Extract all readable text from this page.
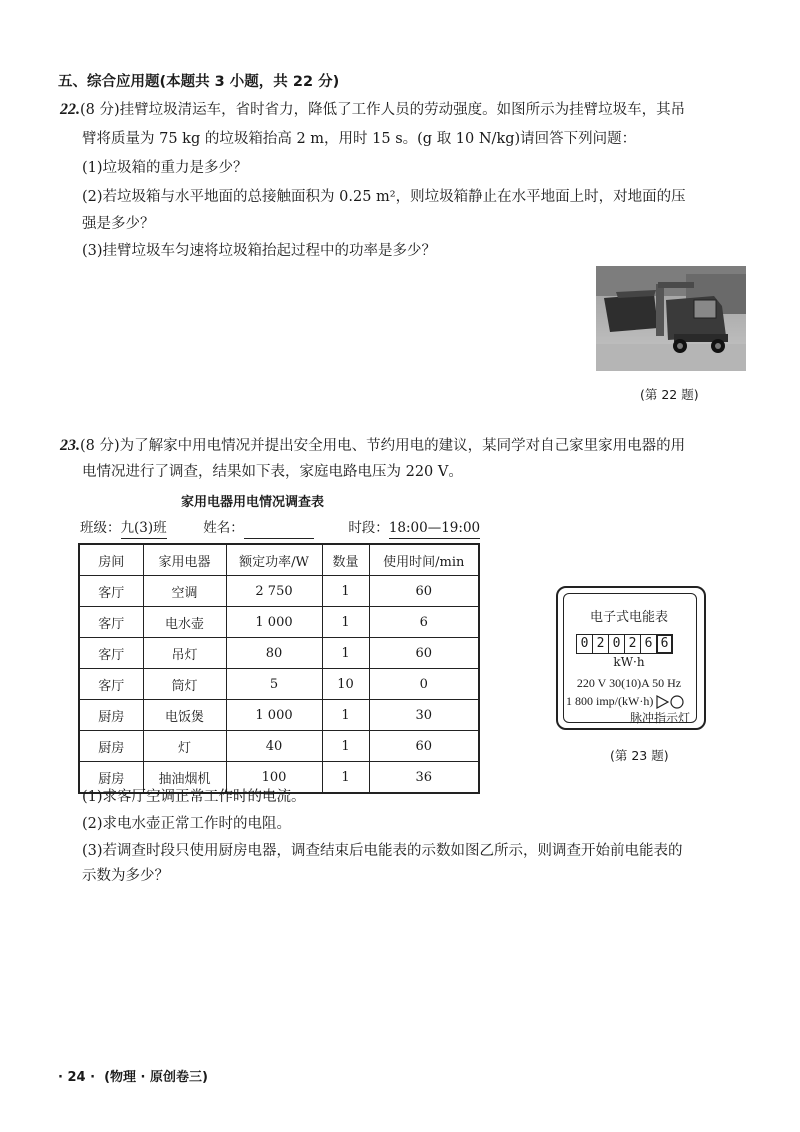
五、综合应用题(本题共 3 小题，共 22 分)
22.(8 分)挂臂垃圾清运车，省时省力，降低了工作人员的劳动强度。如图所示为挂臂垃圾车，其吊
臂将质量为 75 kg 的垃圾箱抬高 2 m，用时 15 s。(g 取 10 N/kg)请回答下列问题：
(1)垃圾箱的重力是多少？
(2)若垃圾箱与水平地面的总接触面积为 0.25 m²，则垃圾箱静止在水平地面上时，对地面的压
强是多少？
(3)挂臂垃圾车匀速将垃圾箱抬起过程中的功率是多少？
(第 22 题)
23.(8 分)为了解家中用电情况并提出安全用电、节约用电的建议，某同学对自己家里家用电器的用
电情况进行了调查，结果如下表，家庭电路电压为 220 V。
家用电器用电情况调查表
班级：九(3)班	姓名：	时段：18:00—19:00
房间	家用电器	额定功率/W	数量	使用时间/min
客厅	空调	2 750	1	60
客厅	电水壶	1 000	1	6
客厅	吊灯	80	1	60
客厅	筒灯	5	10	0
厨房	电饭煲	1 000	1	30
厨房	灯	40	1	60
厨房	抽油烟机	100	1	36
电子式电能表
0 2 0 2 6 6
kW·h
220 V 30(10)A 50 Hz
1 800 imp/(kW·h)
脉冲指示灯
(第 23 题)
(1)求客厅空调正常工作时的电流。
(2)求电水壶正常工作时的电阻。
(3)若调查时段只使用厨房电器，调查结束后电能表的示数如图乙所示，则调查开始前电能表的
示数为多少？
· 24 ·  (物理 · 原创卷三)
